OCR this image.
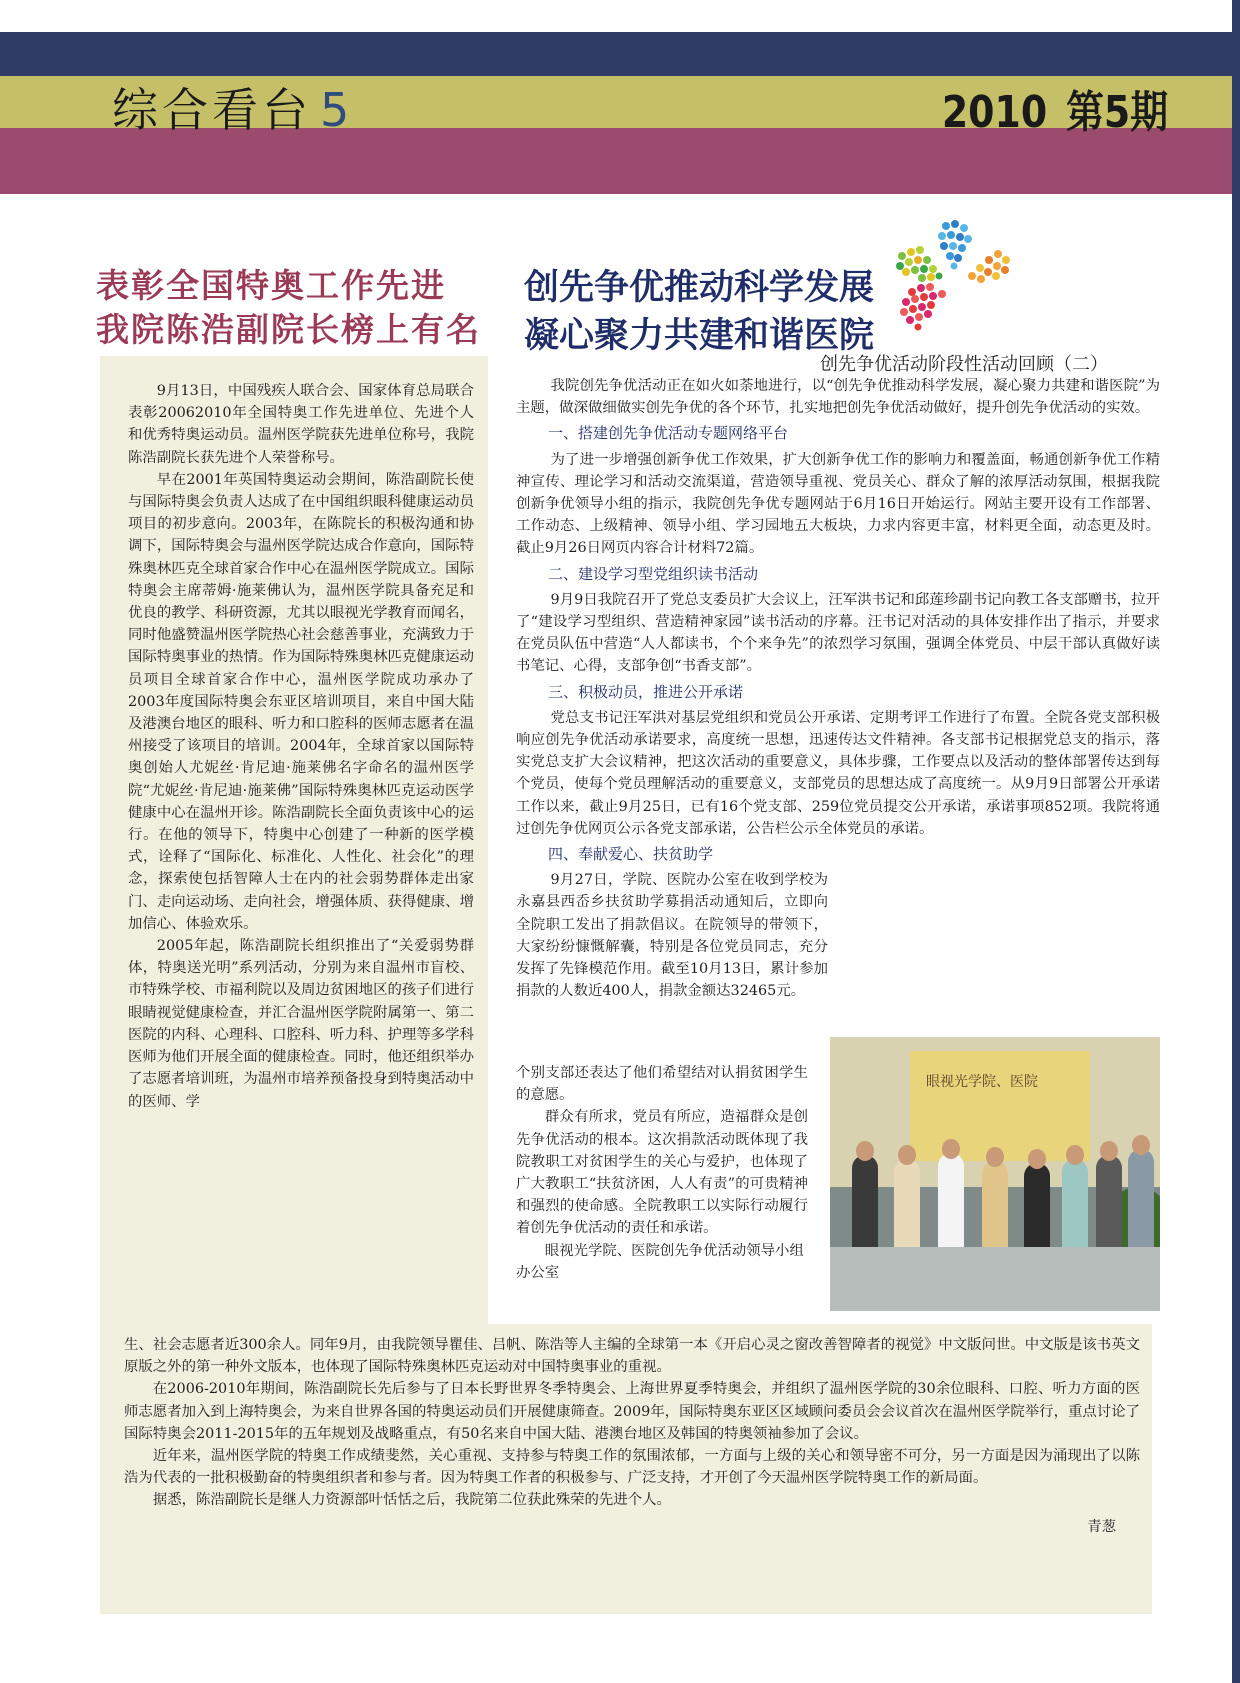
综合看台 5	2010 第5期
表彰全国特奥工作先进
我院陈浩副院长榜上有名
创先争优推动科学发展
凝心聚力共建和谐医院
创先争优活动阶段性活动回顾（二）

9月13日，中国残疾人联合会、国家体育总局联合表彰20062010年全国特奥工作先进单位、先进个人和优秀特奥运动员。温州医学院获先进单位称号，我院陈浩副院长获先进个人荣誉称号。

早在2001年英国特奥运动会期间，陈浩副院长使与国际特奥会负责人达成了在中国组织眼科健康运动员项目的初步意向。2003年，在陈院长的积极沟通和协调下，国际特奥会与温州医学院达成合作意向，国际特殊奥林匹克全球首家合作中心在温州医学院成立。国际特奥会主席蒂姆·施莱佛认为，温州医学院具备充足和优良的教学、科研资源，尤其以眼视光学教育而闻名，同时他盛赞温州医学院热心社会慈善事业，充满致力于国际特奥事业的热情。作为国际特殊奥林匹克健康运动员项目全球首家合作中心，温州医学院成功承办了2003年度国际特奥会东亚区培训项目，来自中国大陆及港澳台地区的眼科、听力和口腔科的医师志愿者在温州接受了该项目的培训。2004年，全球首家以国际特奥创始人尤妮丝·肯尼迪·施莱佛名字命名的温州医学院“尤妮丝·肯尼迪·施莱佛”国际特殊奥林匹克运动医学健康中心在温州开诊。陈浩副院长全面负责该中心的运行。在他的领导下，特奥中心创建了一种新的医学模式，诠释了“国际化、标准化、人性化、社会化”的理念，探索使包括智障人士在内的社会弱势群体走出家门、走向运动场、走向社会，增强体质、获得健康、增加信心、体验欢乐。

2005年起，陈浩副院长组织推出了“关爱弱势群体，特奥送光明”系列活动，分别为来自温州市盲校、市特殊学校、市福利院以及周边贫困地区的孩子们进行眼睛视觉健康检查，并汇合温州医学院附属第一、第二医院的内科、心理科、口腔科、听力科、护理等多学科医师为他们开展全面的健康检查。同时，他还组织举办了志愿者培训班，为温州市培养预备投身到特奥活动中的医师、学

生、社会志愿者近300余人。同年9月，由我院领导瞿佳、吕帆、陈浩等人主编的全球第一本《开启心灵之窗改善智障者的视觉》中文版问世。中文版是该书英文原版之外的第一种外文版本，也体现了国际特殊奥林匹克运动对中国特奥事业的重视。

在2006-2010年期间，陈浩副院长先后参与了日本长野世界冬季特奥会、上海世界夏季特奥会，并组织了温州医学院的30余位眼科、口腔、听力方面的医师志愿者加入到上海特奥会，为来自世界各国的特奥运动员们开展健康筛查。2009年，国际特奥东亚区区域顾问委员会会议首次在温州医学院举行，重点讨论了国际特奥会2011-2015年的五年规划及战略重点，有50名来自中国大陆、港澳台地区及韩国的特奥领袖参加了会议。

近年来，温州医学院的特奥工作成绩斐然，关心重视、支持参与特奥工作的氛围浓郁，一方面与上级的关心和领导密不可分，另一方面是因为涌现出了以陈浩为代表的一批积极勤奋的特奥组织者和参与者。因为特奥工作者的积极参与、广泛支持，才开创了今天温州医学院特奥工作的新局面。

据悉，陈浩副院长是继人力资源部叶恬恬之后，我院第二位获此殊荣的先进个人。

青葱

我院创先争优活动正在如火如荼地进行，以“创先争优推动科学发展，凝心聚力共建和谐医院”为主题，做深做细做实创先争优的各个环节，扎实地把创先争优活动做好，提升创先争优活动的实效。

一、搭建创先争优活动专题网络平台

为了进一步增强创新争优工作效果，扩大创新争优工作的影响力和覆盖面，畅通创新争优工作精神宣传、理论学习和活动交流渠道，营造领导重视、党员关心、群众了解的浓厚活动氛围，根据我院创新争优领导小组的指示，我院创先争优专题网站于6月16日开始运行。网站主要开设有工作部署、工作动态、上级精神、领导小组、学习园地五大板块，力求内容更丰富，材料更全面，动态更及时。截止9月26日网页内容合计材料72篇。

二、建设学习型党组织读书活动

9月9日我院召开了党总支委员扩大会议上，汪军洪书记和邱莲珍副书记向教工各支部赠书，拉开了“建设学习型组织、营造精神家园”读书活动的序幕。汪书记对活动的具体安排作出了指示，并要求在党员队伍中营造“人人都读书，个个来争先”的浓烈学习氛围，强调全体党员、中层干部认真做好读书笔记、心得，支部争创“书香支部”。

三、积极动员，推进公开承诺

党总支书记汪军洪对基层党组织和党员公开承诺、定期考评工作进行了布置。全院各党支部积极响应创先争优活动承诺要求，高度统一思想，迅速传达文件精神。各支部书记根据党总支的指示，落实党总支扩大会议精神，把这次活动的重要意义，具体步骤，工作要点以及活动的整体部署传达到每个党员，使每个党员理解活动的重要意义，支部党员的思想达成了高度统一。从9月9日部署公开承诺工作以来，截止9月25日，已有16个党支部、259位党员提交公开承诺，承诺事项852项。我院将通过创先争优网页公示各党支部承诺，公告栏公示全体党员的承诺。

四、奉献爱心、扶贫助学

9月27日，学院、医院办公室在收到学校为永嘉县西岙乡扶贫助学募捐活动通知后，立即向全院职工发出了捐款倡议。在院领导的带领下，大家纷纷慷慨解囊，特别是各位党员同志，充分发挥了先锋模范作用。截至10月13日，累计参加捐款的人数近400人，捐款金额达32465元。

个别支部还表达了他们希望结对认捐贫困学生的意愿。

群众有所求，党员有所应，造福群众是创先争优活动的根本。这次捐款活动既体现了我院教职工对贫困学生的关心与爱护，也体现了广大教职工“扶贫济困，人人有责”的可贵精神和强烈的使命感。全院教职工以实际行动履行着创先争优活动的责任和承诺。

眼视光学院、医院创先争优活动领导小组办公室

眼视光学院、医院
